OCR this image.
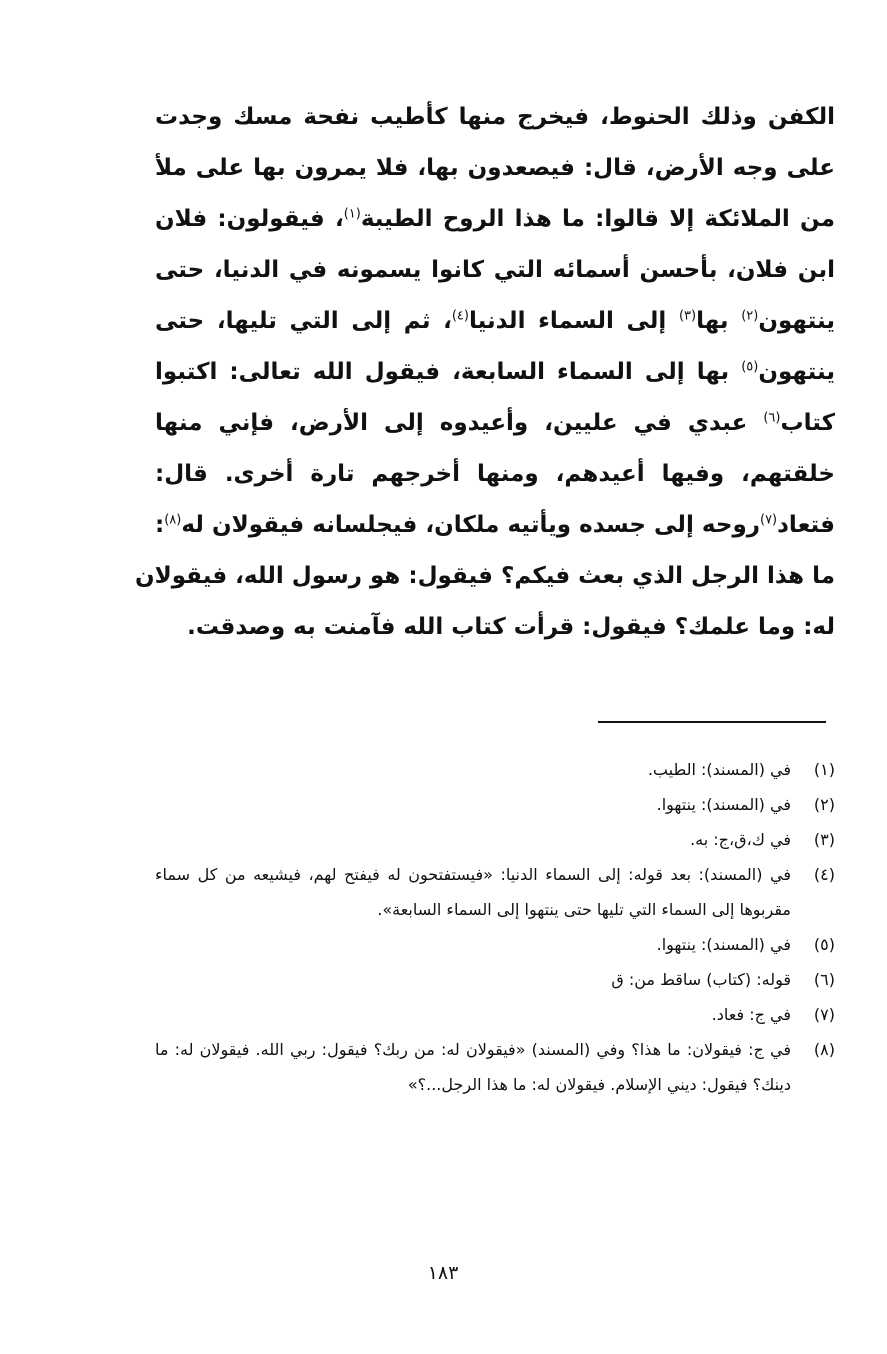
الكفن وذلك الحنوط، فيخرج منها كأطيب نفحة مسك وجدت
على وجه الأرض، قال: فيصعدون بها، فلا يمرون بها على ملأ
من الملائكة إلا قالوا: ما هذا الروح الطيبة$^{(١)}$، فيقولون: فلان
ابن فلان، بأحسن أسمائه التي كانوا يسمونه في الدنيا، حتى
ينتهون$^{(٢)}$ بها$^{(٣)}$ إلى السماء الدنيا$^{(٤)}$، ثم إلى التي تليها، حتى
ينتهون$^{(٥)}$ بها إلى السماء السابعة، فيقول الله تعالى: اكتبوا
كتاب$^{(٦)}$ عبدي في عليين، وأعيدوه إلى الأرض، فإني منها
خلقتهم، وفيها أعيدهم، ومنها أخرجهم تارة أخرى. قال:
فتعاد$^{(٧)}$روحه إلى جسده ويأتيه ملكان، فيجلسانه فيقولان له$^{(٨)}$:
ما هذا الرجل الذي بعث فيكم؟ فيقول: هو رسول الله، فيقولان
له: وما علمك؟ فيقول: قرأت كتاب الله فآمنت به وصدقت.
(١)
في (المسند): الطيب.
(٢)
في (المسند): ينتهوا.
(٣)
في ك،ق،ج: به.
(٤)
في (المسند): بعد قوله: إلى السماء الدنيا: «فيستفتحون له فيفتح لهم، فيشيعه من كل سماء مقربوها إلى السماء التي تليها حتى ينتهوا إلى السماء السابعة».
(٥)
في (المسند): ينتهوا.
(٦)
قوله: (كتاب) ساقط من: ق
(٧)
في ج: فعاد.
(٨)
في ج: فيقولان: ما هذا؟ وفي (المسند) «فيقولان له: من ربك؟ فيقول: ربي الله. فيقولان له: ما دينك؟ فيقول: ديني الإسلام. فيقولان له: ما هذا الرجل...؟»
١٨٣
